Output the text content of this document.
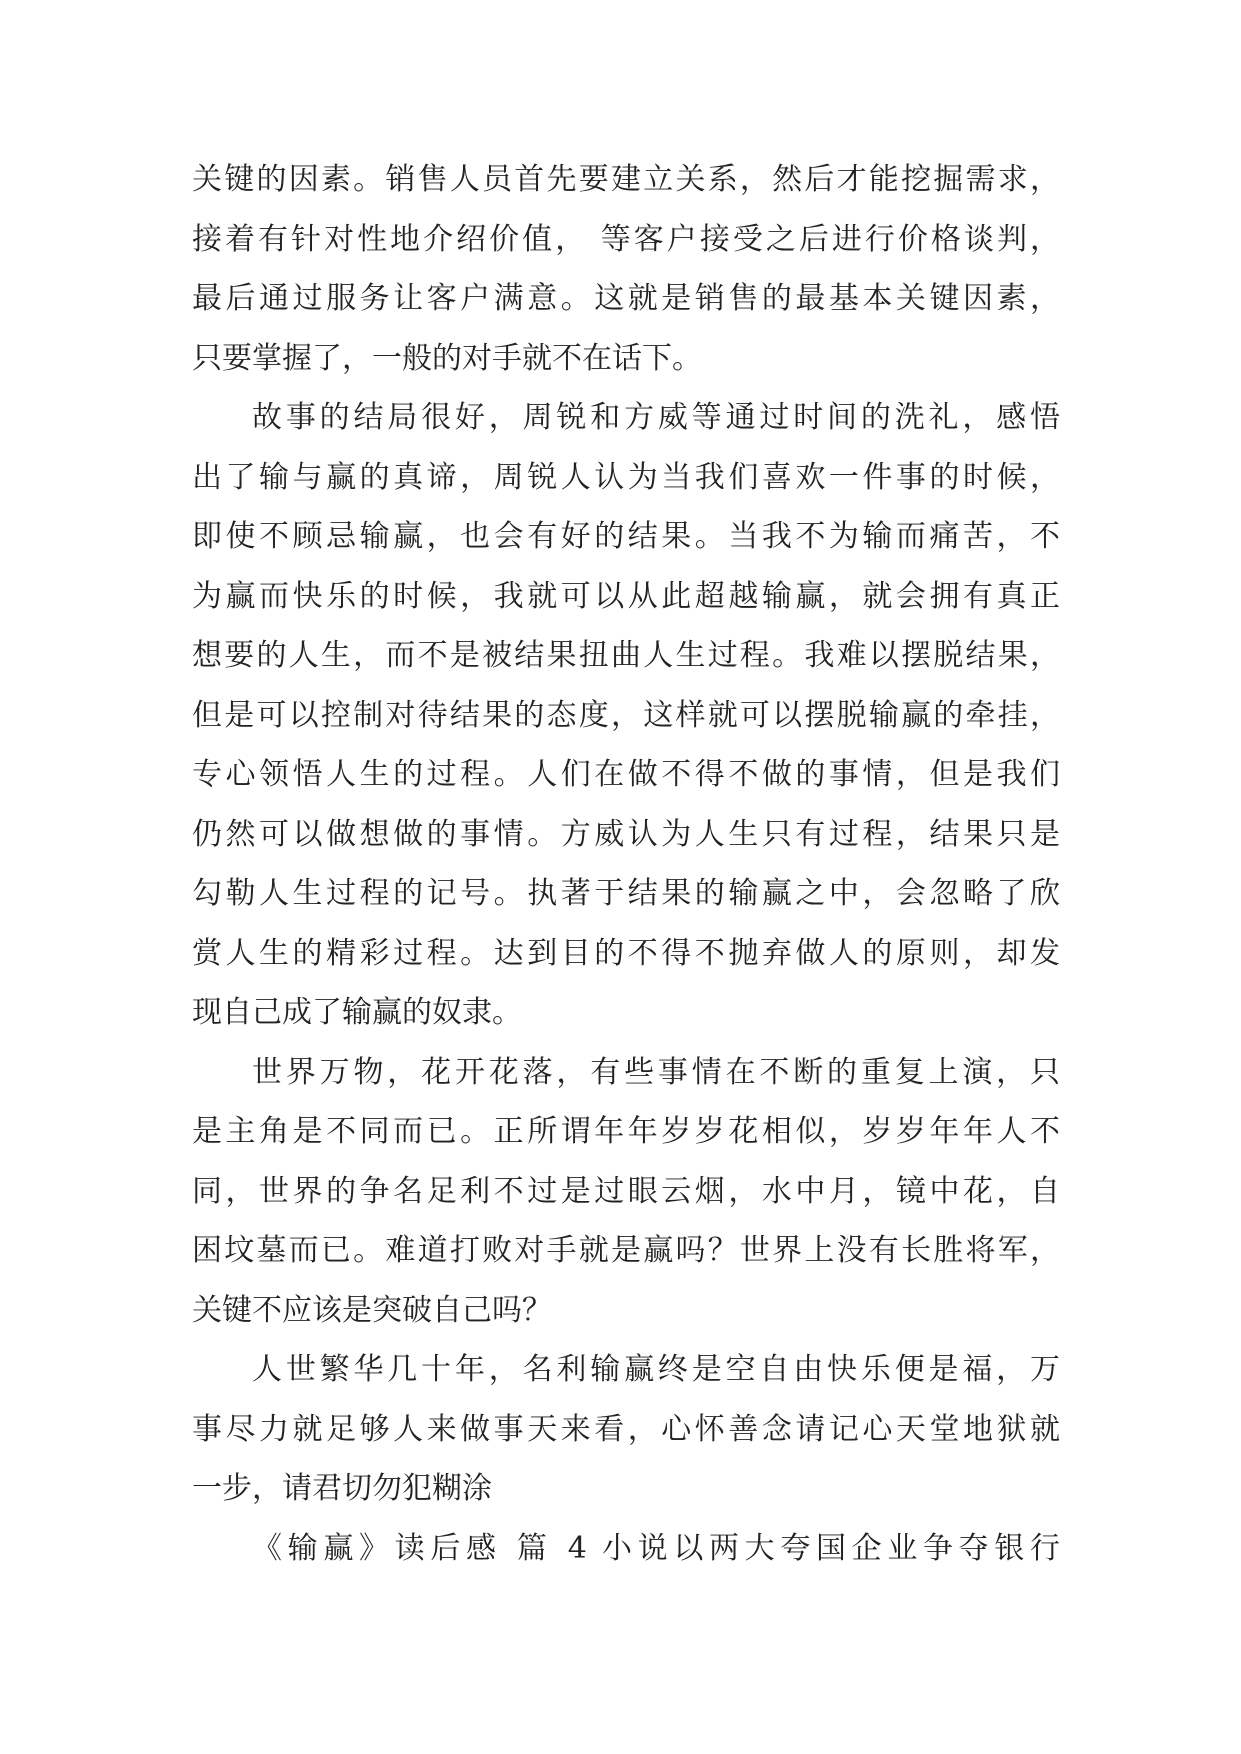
关键的因素。销售人员首先要建立关系，然后才能挖掘需求，
接着有针对性地介绍价值， 等客户接受之后进行价格谈判，
最后通过服务让客户满意。这就是销售的最基本关键因素，
只要掌握了，一般的对手就不在话下。
故事的结局很好，周锐和方威等通过时间的洗礼，感悟
出了输与赢的真谛，周锐人认为当我们喜欢一件事的时候，
即使不顾忌输赢，也会有好的结果。当我不为输而痛苦，不
为赢而快乐的时候，我就可以从此超越输赢，就会拥有真正
想要的人生，而不是被结果扭曲人生过程。我难以摆脱结果，
但是可以控制对待结果的态度，这样就可以摆脱输赢的牵挂，
专心领悟人生的过程。人们在做不得不做的事情，但是我们
仍然可以做想做的事情。方威认为人生只有过程，结果只是
勾勒人生过程的记号。执著于结果的输赢之中，会忽略了欣
赏人生的精彩过程。达到目的不得不抛弃做人的原则，却发
现自己成了输赢的奴隶。
世界万物，花开花落，有些事情在不断的重复上演，只
是主角是不同而已。正所谓年年岁岁花相似，岁岁年年人不
同，世界的争名足利不过是过眼云烟，水中月，镜中花，自
困坟墓而已。难道打败对手就是赢吗？世界上没有长胜将军，
关键不应该是突破自己吗？
人世繁华几十年，名利输赢终是空自由快乐便是福，万
事尽力就足够人来做事天来看，心怀善念请记心天堂地狱就
一步，请君切勿犯糊涂
《输赢》读后感 篇 4 小说以两大夸国企业争夺银行
